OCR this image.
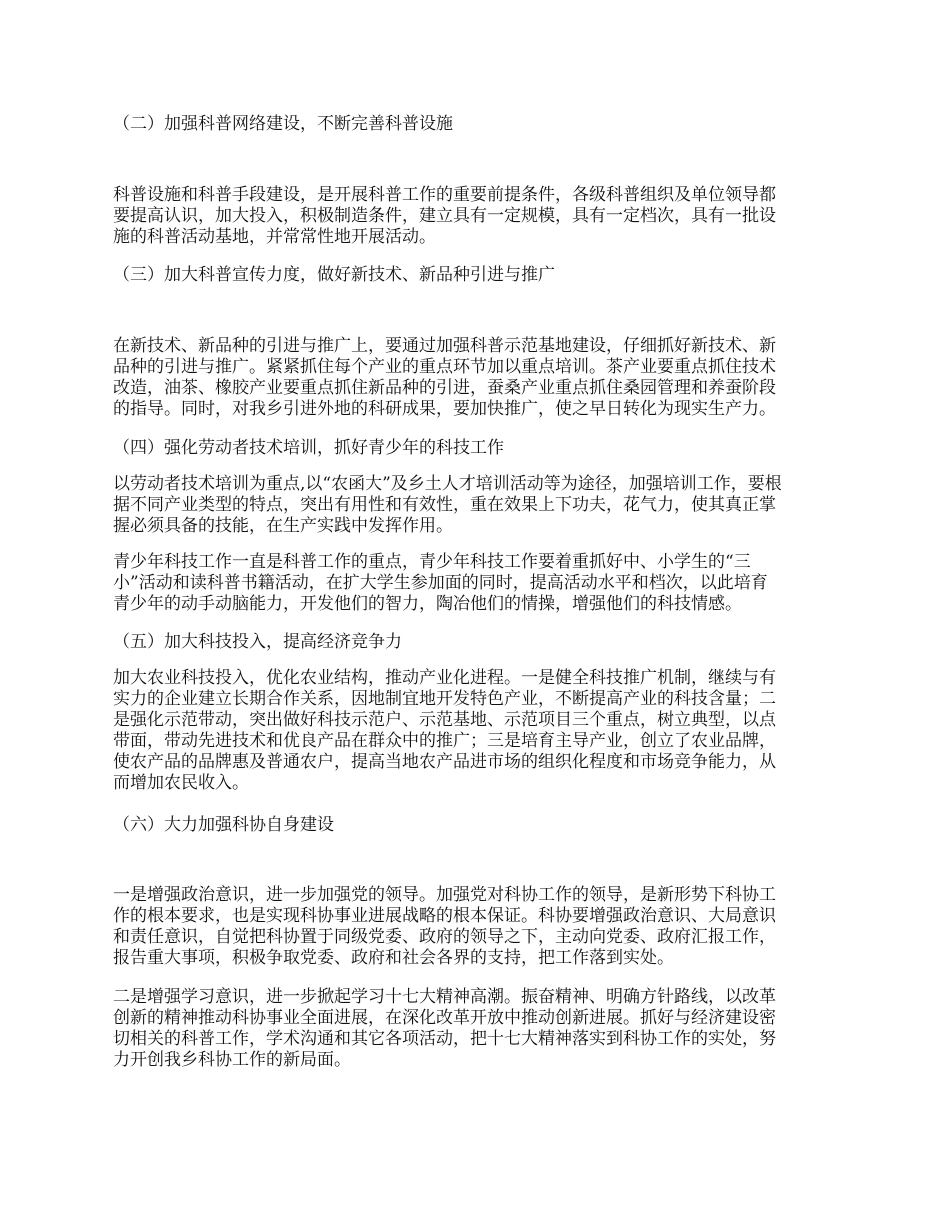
（二）加强科普网络建设，不断完善科普设施

科普设施和科普手段建设，是开展科普工作的重要前提条件，各级科普组织及单位领导都

要提高认识，加大投入，积极制造条件，建立具有一定规模，具有一定档次，具有一批设

施的科普活动基地，并常常性地开展活动。

（三）加大科普宣传力度，做好新技术、新品种引进与推广

在新技术、新品种的引进与推广上，要通过加强科普示范基地建设，仔细抓好新技术、新

品种的引进与推广。紧紧抓住每个产业的重点环节加以重点培训。茶产业要重点抓住技术

改造，油茶、橡胶产业要重点抓住新品种的引进，蚕桑产业重点抓住桑园管理和养蚕阶段

的指导。同时，对我乡引进外地的科研成果，要加快推广，使之早日转化为现实生产力。

（四）强化劳动者技术培训，抓好青少年的科技工作

以劳动者技术培训为重点,以“农函大”及乡土人才培训活动等为途径，加强培训工作，要根

据不同产业类型的特点，突出有用性和有效性，重在效果上下功夫，花气力，使其真正掌

握必须具备的技能，在生产实践中发挥作用。

青少年科技工作一直是科普工作的重点，青少年科技工作要着重抓好中、小学生的“三

小”活动和读科普书籍活动，在扩大学生参加面的同时，提高活动水平和档次，以此培育

青少年的动手动脑能力，开发他们的智力，陶冶他们的情操，增强他们的科技情感。

（五）加大科技投入，提高经济竞争力

加大农业科技投入，优化农业结构，推动产业化进程。一是健全科技推广机制，继续与有

实力的企业建立长期合作关系，因地制宜地开发特色产业，不断提高产业的科技含量；二

是强化示范带动，突出做好科技示范户、示范基地、示范项目三个重点，树立典型，以点

带面，带动先进技术和优良产品在群众中的推广；三是培育主导产业，创立了农业品牌，

使农产品的品牌惠及普通农户，提高当地农产品进市场的组织化程度和市场竞争能力，从

而增加农民收入。

（六）大力加强科协自身建设

一是增强政治意识，进一步加强党的领导。加强党对科协工作的领导，是新形势下科协工

作的根本要求，也是实现科协事业进展战略的根本保证。科协要增强政治意识、大局意识

和责任意识，自觉把科协置于同级党委、政府的领导之下，主动向党委、政府汇报工作，

报告重大事项，积极争取党委、政府和社会各界的支持，把工作落到实处。

二是增强学习意识，进一步掀起学习十七大精神高潮。振奋精神、明确方针路线，以改革

创新的精神推动科协事业全面进展，在深化改革开放中推动创新进展。抓好与经济建设密

切相关的科普工作，学术沟通和其它各项活动，把十七大精神落实到科协工作的实处，努

力开创我乡科协工作的新局面。
